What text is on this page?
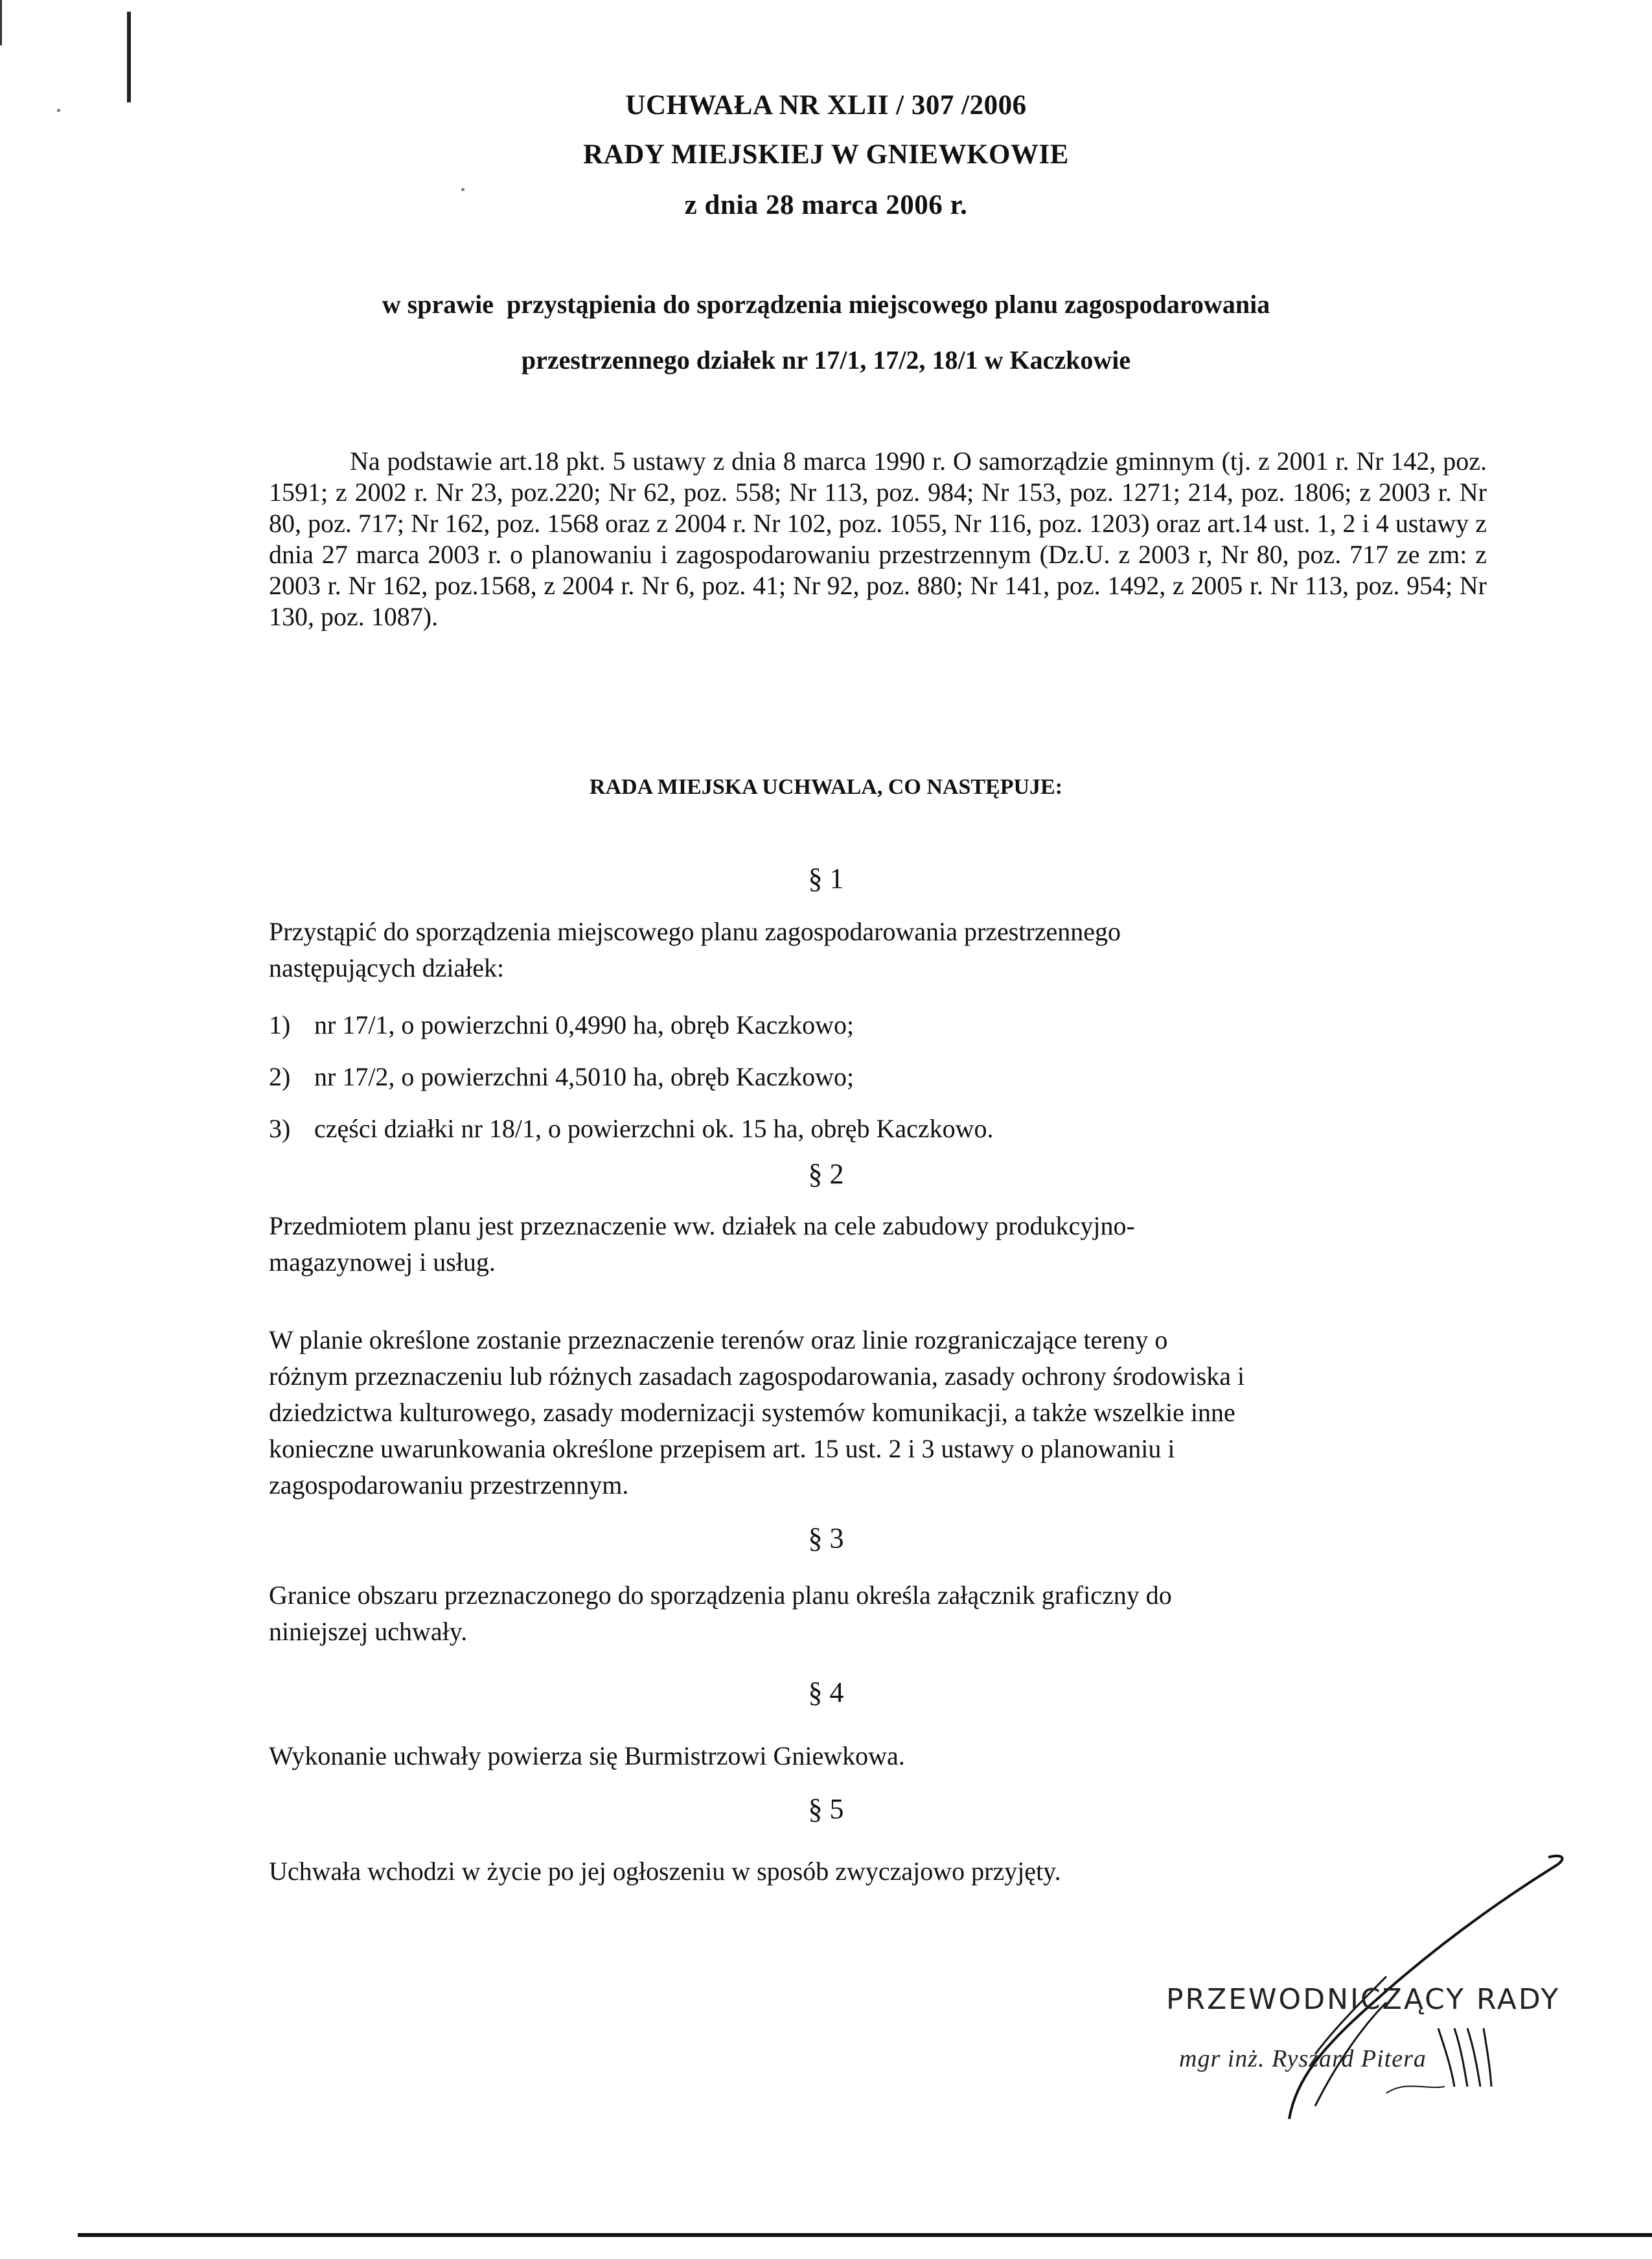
UCHWAŁA NR XLII / 307 /2006
RADY MIEJSKIEJ W GNIEWKOWIE
z dnia 28 marca 2006 r.
w sprawie  przystąpienia do sporządzenia miejscowego planu zagospodarowania
przestrzennego działek nr 17/1, 17/2, 18/1 w Kaczkowie
Na podstawie art.18 pkt. 5 ustawy z dnia 8 marca 1990 r. O samorządzie gminnym (tj. z 2001 r. Nr 142, poz. 1591; z 2002 r. Nr 23, poz.220; Nr 62, poz. 558; Nr 113, poz. 984; Nr 153, poz. 1271; 214, poz. 1806; z 2003 r. Nr 80, poz. 717; Nr 162, poz. 1568 oraz z 2004 r. Nr 102, poz. 1055, Nr 116, poz. 1203) oraz art.14 ust. 1, 2 i 4 ustawy z dnia 27 marca 2003 r. o planowaniu i zagospodarowaniu przestrzennym (Dz.U. z 2003 r, Nr 80, poz. 717 ze zm: z 2003 r. Nr 162, poz.1568, z 2004 r. Nr 6, poz. 41; Nr 92, poz. 880; Nr 141, poz. 1492, z 2005 r. Nr 113, poz. 954; Nr 130, poz. 1087).
RADA MIEJSKA UCHWALA, CO NASTĘPUJE:
§ 1
Przystąpić do sporządzenia miejscowego planu zagospodarowania przestrzennego
następujących działek:
1) nr 17/1, o powierzchni 0,4990 ha, obręb Kaczkowo;
2) nr 17/2, o powierzchni 4,5010 ha, obręb Kaczkowo;
3) części działki nr 18/1, o powierzchni ok. 15 ha, obręb Kaczkowo.
§ 2
Przedmiotem planu jest przeznaczenie ww. działek na cele zabudowy produkcyjno-
magazynowej i usług.
W planie określone zostanie przeznaczenie terenów oraz linie rozgraniczające tereny o
różnym przeznaczeniu lub różnych zasadach zagospodarowania, zasady ochrony środowiska i
dziedzictwa kulturowego, zasady modernizacji systemów komunikacji, a także wszelkie inne
konieczne uwarunkowania określone przepisem art. 15 ust. 2 i 3 ustawy o planowaniu i
zagospodarowaniu przestrzennym.
§ 3
Granice obszaru przeznaczonego do sporządzenia planu określa załącznik graficzny do
niniejszej uchwały.
§ 4
Wykonanie uchwały powierza się Burmistrzowi Gniewkowa.
§ 5
Uchwała wchodzi w życie po jej ogłoszeniu w sposób zwyczajowo przyjęty.
PRZEWODNICZĄCY RADY
mgr inż. Ryszard Pitera
